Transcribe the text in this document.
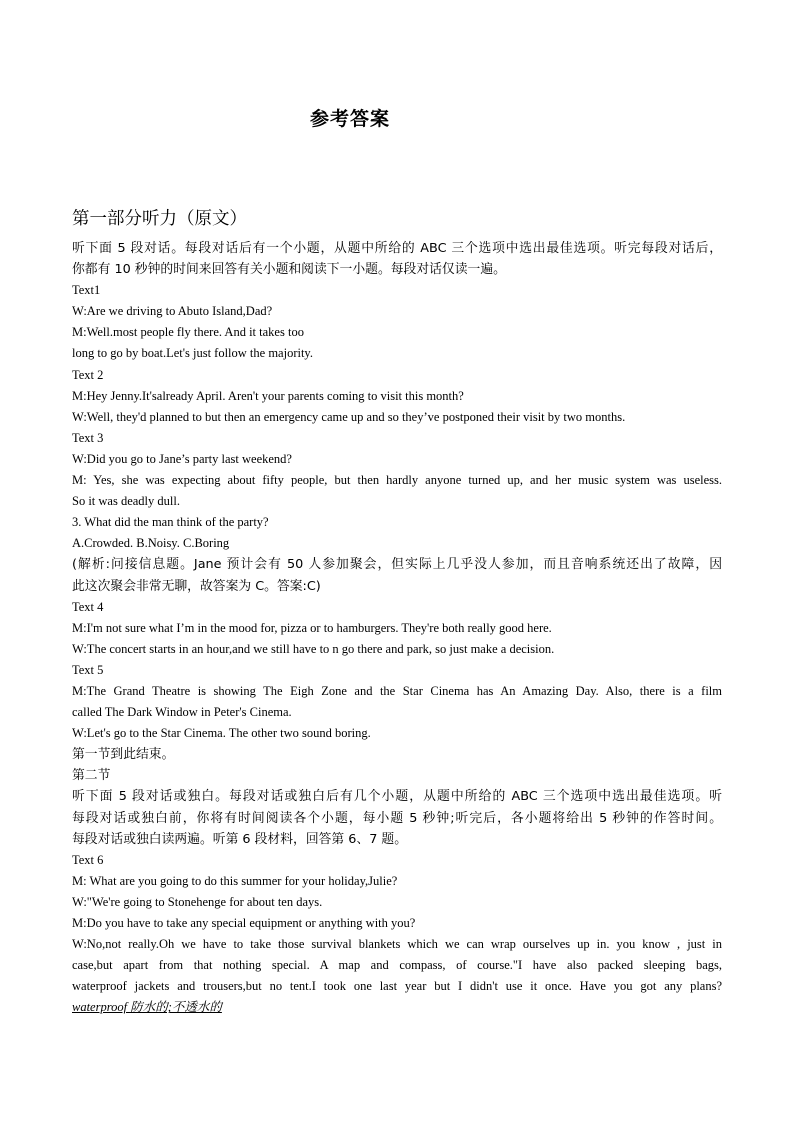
参考答案
第一部分听力（原文）
听下面 5 段对话。每段对话后有一个小题，从题中所给的 ABC 三个选项中选出最佳选项。听完每段对话后，
你都有 10 秒钟的时间来回答有关小题和阅读下一小题。每段对话仅读一遍。
Text1
W:Are we driving to Abuto Island,Dad?
M:Well.most people fly there. And it takes too
long to go by boat.Let's just follow the majority.
Text 2
M:Hey Jenny.It'salready April. Aren't your parents coming to visit this month?
W:Well, they'd planned to but then an emergency came up and so they’ve postponed their visit by two months.
Text 3
W:Did you go to Jane’s party last weekend?
M: Yes, she was expecting about fifty people, but then hardly anyone turned up, and her music system was useless.
So it was deadly dull.
3. What did the man think of the party?
A.Crowded. B.Noisy. C.Boring
(解析:问接信息题。Jane 预计会有 50 人参加聚会，但实际上几乎没人参加，而且音响系统还出了故障，因
此这次聚会非常无聊，故答案为 C。答案:C)
Text 4
M:I'm not sure what I’m in the mood for, pizza or to hamburgers. They're both really good here.
W:The concert starts in an hour,and we still have to n go there and park, so just make a decision.
Text 5
M:The Grand Theatre is showing The Eigh Zone and the Star Cinema has An Amazing Day. Also, there is a film
called The Dark Window in Peter's Cinema.
W:Let's go to the Star Cinema. The other two sound boring.
第一节到此结束。
第二节
听下面 5 段对话或独白。每段对话或独白后有几个小题，从题中所给的 ABC 三个选项中选出最佳选项。听
每段对话或独白前，你将有时间阅读各个小题，每小题 5 秒钟;听完后，各小题将给出 5 秒钟的作答时间。
每段对话或独白读两遍。听第 6 段材料，回答第 6、7 题。
Text 6
M: What are you going to do this summer for your holiday,Julie?
W:"We're going to Stonehenge for about ten days.
M:Do you have to take any special equipment or anything with you?
W:No,not really.Oh we have to take those survival blankets which we can wrap ourselves up in. you know , just in
case,but apart from that nothing special. A map and compass, of course."I have also packed sleeping bags,
waterproof jackets and trousers,but no tent.I took one last year but I didn't use it once. Have you got any plans?
waterproof 防水的;不透水的
